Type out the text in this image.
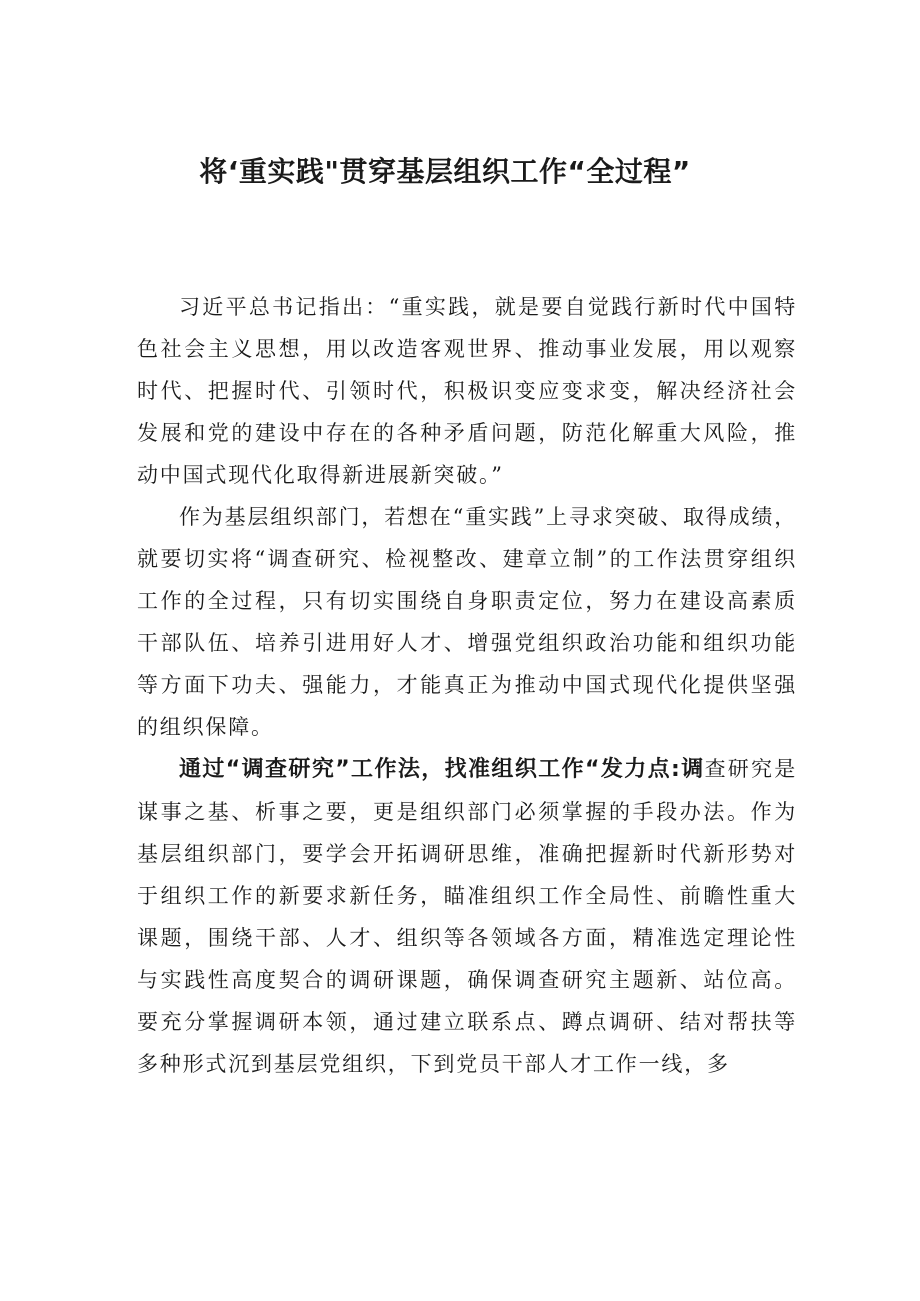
将‘重实践"贯穿基层组织工作“全过程”

习近平总书记指出：“重实践，就是要自觉践行新时代中国特色社会主义思想，用以改造客观世界、推动事业发展，用以观察时代、把握时代、引领时代，积极识变应变求变，解决经济社会发展和党的建设中存在的各种矛盾问题，防范化解重大风险，推动中国式现代化取得新进展新突破。”

作为基层组织部门，若想在“重实践”上寻求突破、取得成绩，就要切实将“调查研究、检视整改、建章立制”的工作法贯穿组织工作的全过程，只有切实围绕自身职责定位，努力在建设高素质干部队伍、培养引进用好人才、增强党组织政治功能和组织功能等方面下功夫、强能力，才能真正为推动中国式现代化提供坚强的组织保障。

通过“调查研究”工作法，找准组织工作“发力点:调查研究是谋事之基、析事之要，更是组织部门必须掌握的手段办法。作为基层组织部门，要学会开拓调研思维，准确把握新时代新形势对于组织工作的新要求新任务，瞄准组织工作全局性、前瞻性重大课题，围绕干部、人才、组织等各领域各方面，精准选定理论性与实践性高度契合的调研课题，确保调查研究主题新、站位高。要充分掌握调研本领，通过建立联系点、蹲点调研、结对帮扶等多种形式沉到基层党组织，下到党员干部人才工作一线，多
